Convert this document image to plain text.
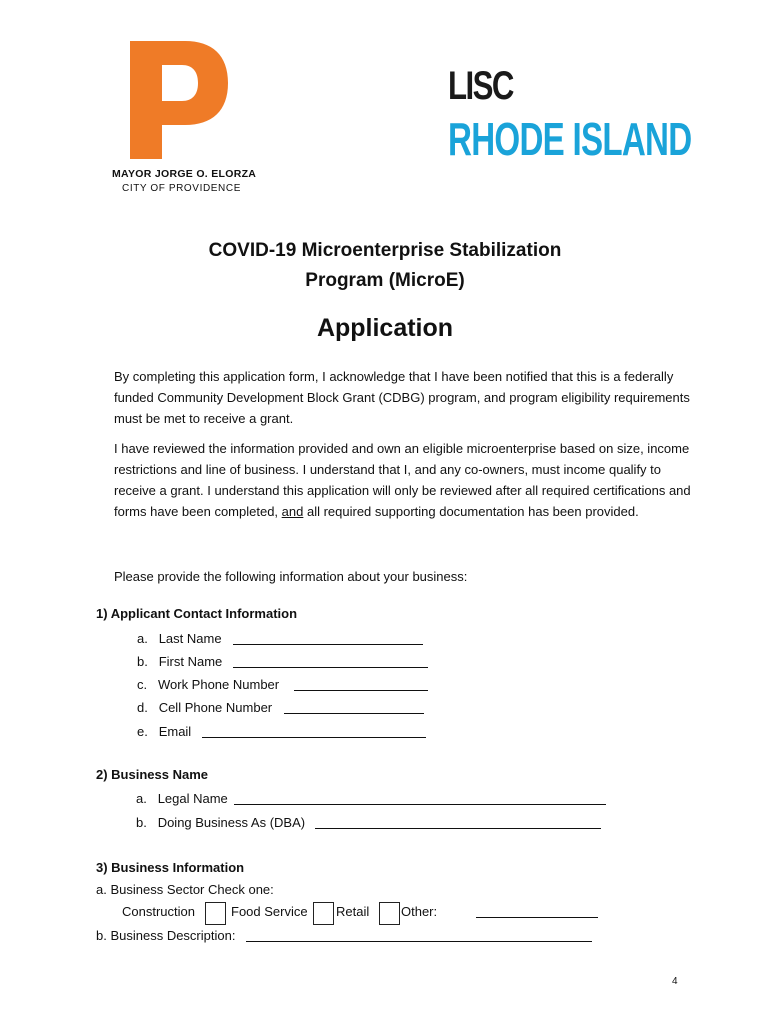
MAYOR JORGE O. ELORZA
CITY OF PROVIDENCE
LISC
RHODE ISLAND
COVID-19 Microenterprise Stabilization
Program (MicroE)
Application
By completing this application form, I acknowledge that I have been notified that this is a federally funded Community Development Block Grant (CDBG) program, and program eligibility requirements must be met to receive a grant.
I have reviewed the information provided and own an eligible microenterprise based on size, income restrictions and line of business. I understand that I, and any co-owners, must income qualify to receive a grant. I understand this application will only be reviewed after all required certifications and forms have been completed, and all required supporting documentation has been provided.
Please provide the following information about your business:
1) Applicant Contact Information
a. Last Name
b. First Name
c. Work Phone Number
d. Cell Phone Number
e. Email
2) Business Name
a. Legal Name
b. Doing Business As (DBA)
3) Business Information
a. Business Sector Check one:
Construction	Food Service Retail Other:
b. Business Description:
4
